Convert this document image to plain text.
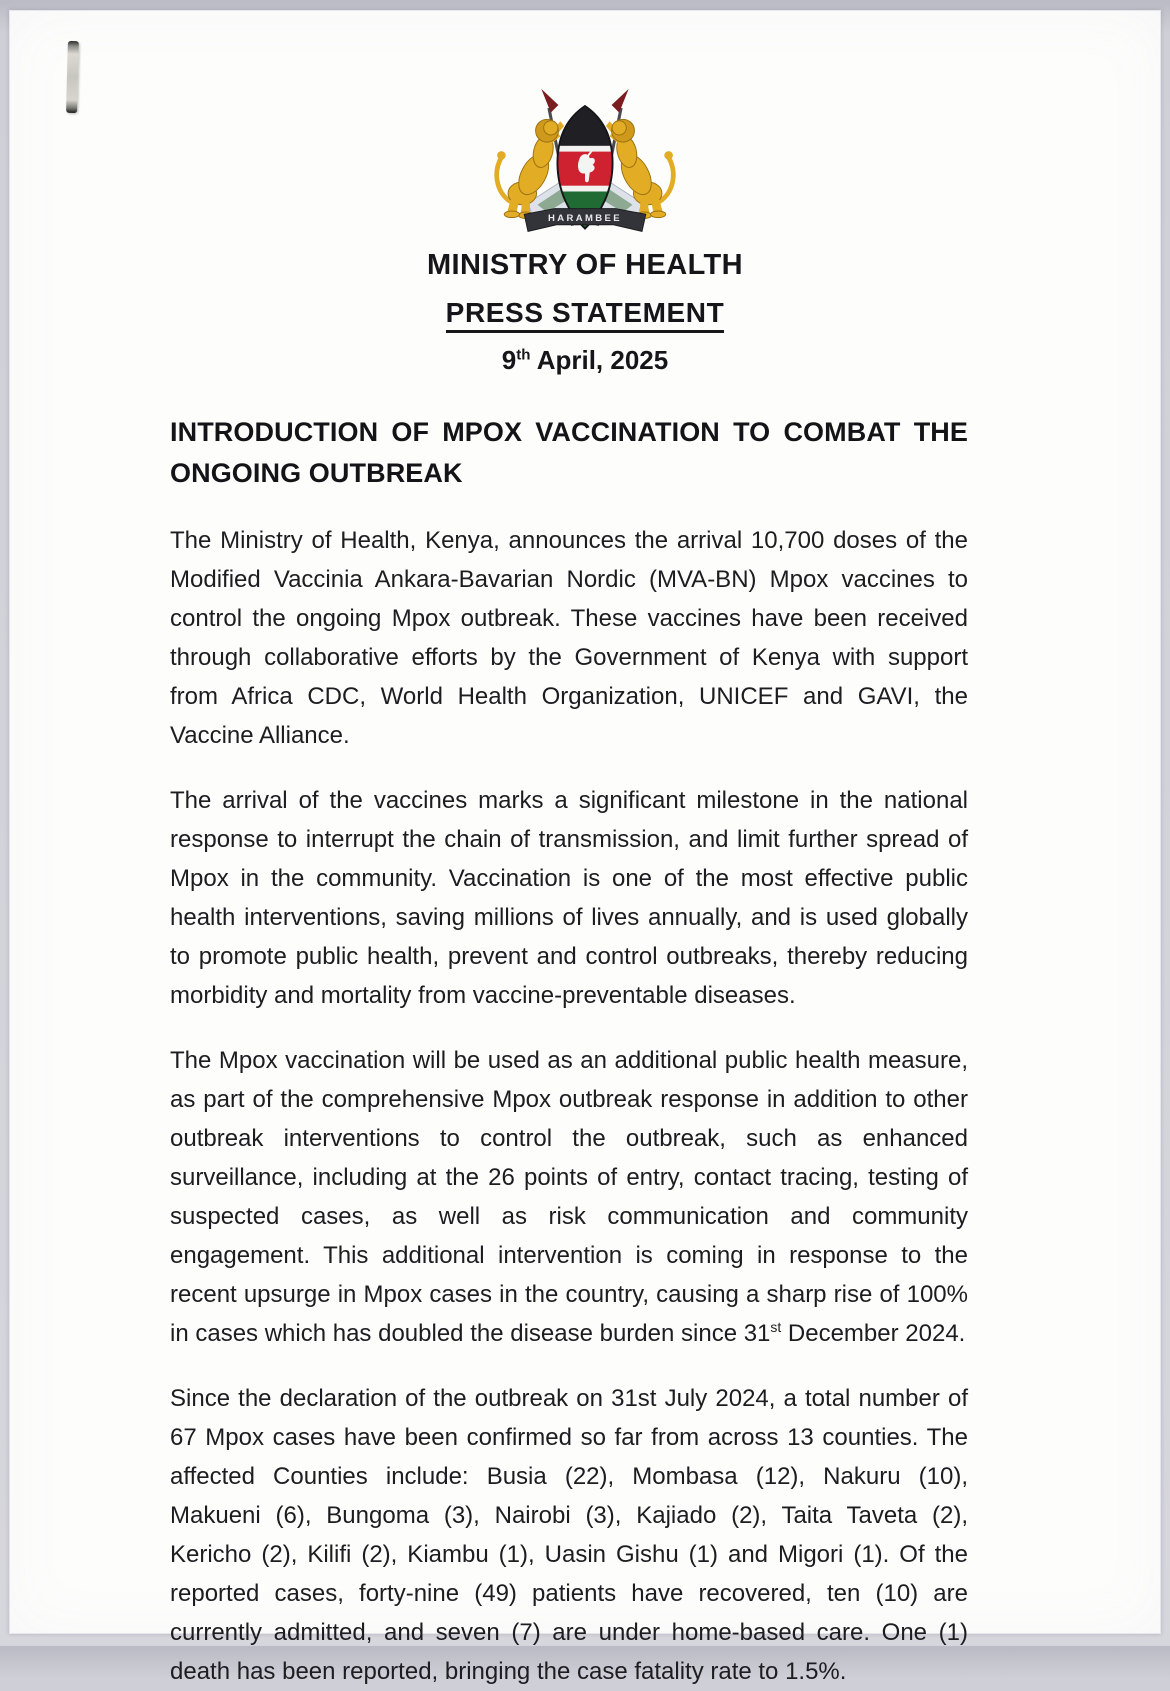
HARAMBEE
MINISTRY OF HEALTH
PRESS STATEMENT
9th April, 2025
INTRODUCTION OF MPOX VACCINATION TO COMBAT THE ONGOING OUTBREAK

The Ministry of Health, Kenya, announces the arrival 10,700 doses of the Modified Vaccinia Ankara-Bavarian Nordic (MVA-BN) Mpox vaccines to control the ongoing Mpox outbreak. These vaccines have been received through collaborative efforts by the Government of Kenya with support from Africa CDC, World Health Organization, UNICEF and GAVI, the Vaccine Alliance.

The arrival of the vaccines marks a significant milestone in the national response to interrupt the chain of transmission, and limit further spread of Mpox in the community. Vaccination is one of the most effective public health interventions, saving millions of lives annually, and is used globally to promote public health, prevent and control outbreaks, thereby reducing morbidity and mortality from vaccine-preventable diseases.

The Mpox vaccination will be used as an additional public health measure, as part of the comprehensive Mpox outbreak response in addition to other outbreak interventions to control the outbreak, such as enhanced surveillance, including at the 26 points of entry, contact tracing, testing of suspected cases, as well as risk communication and community engagement. This additional intervention is coming in response to the recent upsurge in Mpox cases in the country, causing a sharp rise of 100% in cases which has doubled the disease burden since 31st December 2024.

Since the declaration of the outbreak on 31st July 2024, a total number of 67 Mpox cases have been confirmed so far from across 13 counties. The affected Counties include: Busia (22), Mombasa (12), Nakuru (10), Makueni (6), Bungoma (3), Nairobi (3), Kajiado (2), Taita Taveta (2), Kericho (2), Kilifi (2), Kiambu (1), Uasin Gishu (1) and Migori (1). Of the reported cases, forty-nine (49) patients have recovered, ten (10) are currently admitted, and seven (7) are under home-based care. One (1) death has been reported, bringing the case fatality rate to 1.5%.
